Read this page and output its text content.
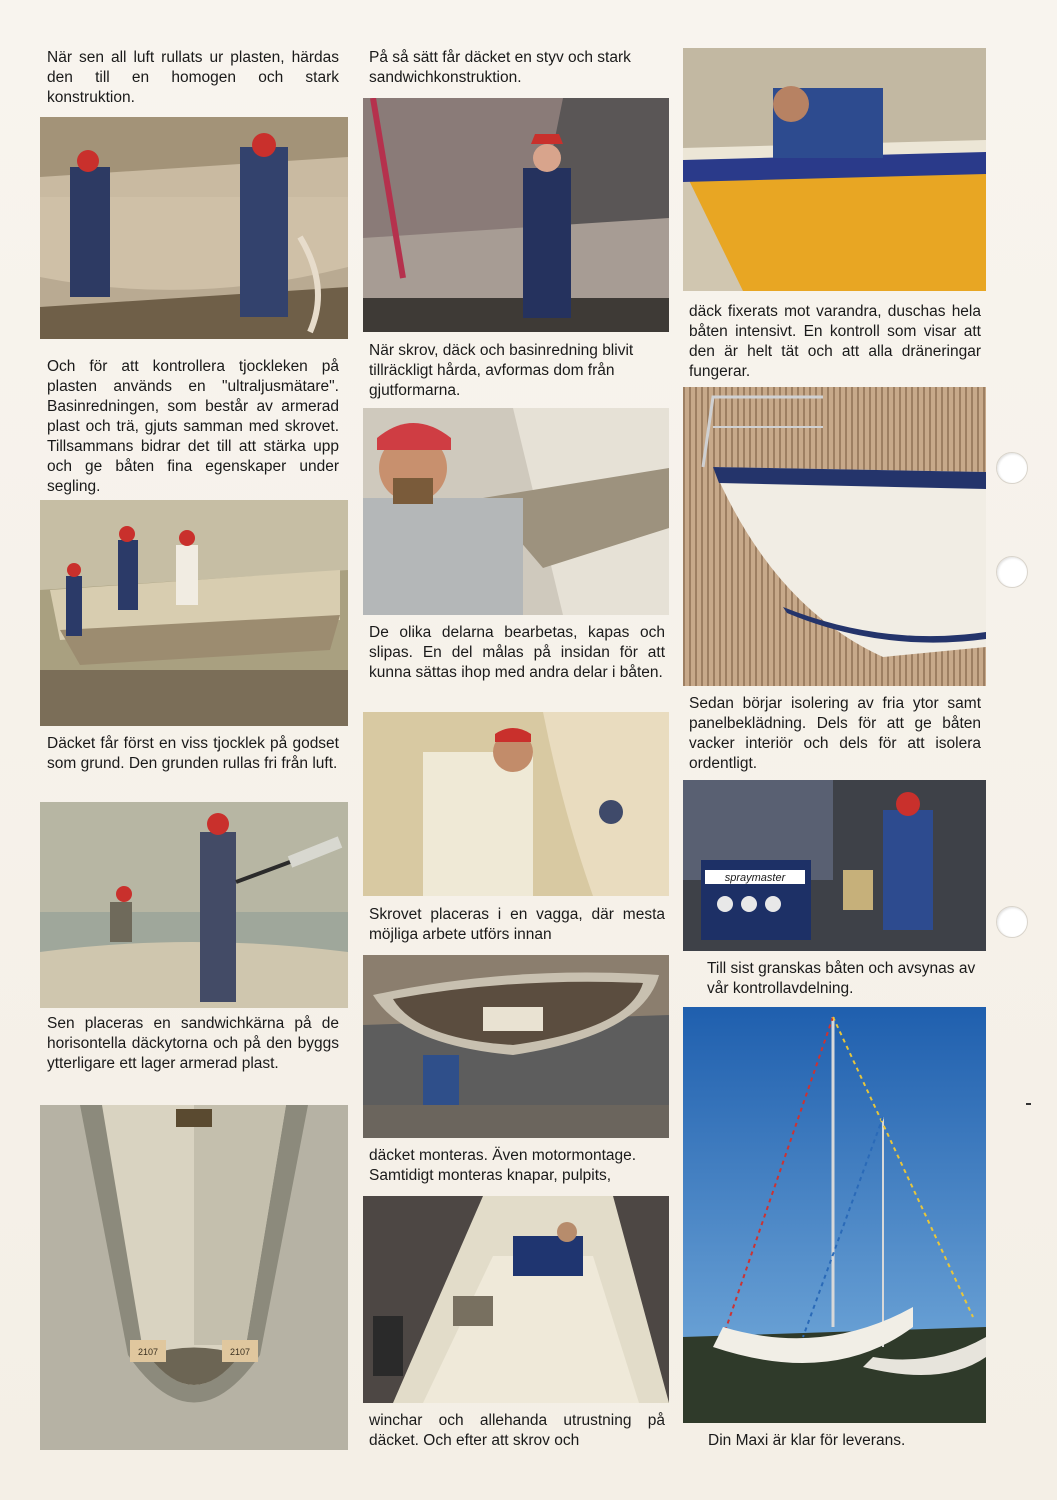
När sen all luft rullats ur plasten, härdas den till en homogen och stark konstruktion.
Och för att kontrollera tjockleken på plasten används en "ultraljusmätare". Basinredningen, som består av armerad plast och trä, gjuts samman med skrovet. Tillsammans bidrar det till att stärka upp och ge båten fina egenskaper under segling.
Däcket får först en viss tjocklek på godset som grund. Den grunden rullas fri från luft.
Sen placeras en sandwichkärna på de horisontella däckytorna och på den byggs ytterligare ett lager armerad plast.
2107	2107
På så sätt får däcket en styv och stark sandwichkonstruktion.
När skrov, däck och basinredning blivit tillräckligt hårda, avformas dom från gjutformarna.
De olika delarna bearbetas, kapas och slipas. En del målas på insidan för att kunna sättas ihop med andra delar i båten.
Skrovet placeras i en vagga, där mesta möjliga arbete utförs innan
däcket monteras. Även motormontage. Samtidigt monteras knapar, pulpits,
winchar och allehanda utrustning på däcket. Och efter att skrov och
däck fixerats mot varandra, duschas hela båten intensivt. En kontroll som visar att den är helt tät och att alla dräneringar fungerar.
Sedan börjar isolering av fria ytor samt panelbeklädning. Dels för att ge båten vacker interiör och dels för att isolera ordentligt.
spraymaster
Till sist granskas båten och avsynas av vår kontrollavdelning.
Din Maxi är klar för leverans.
